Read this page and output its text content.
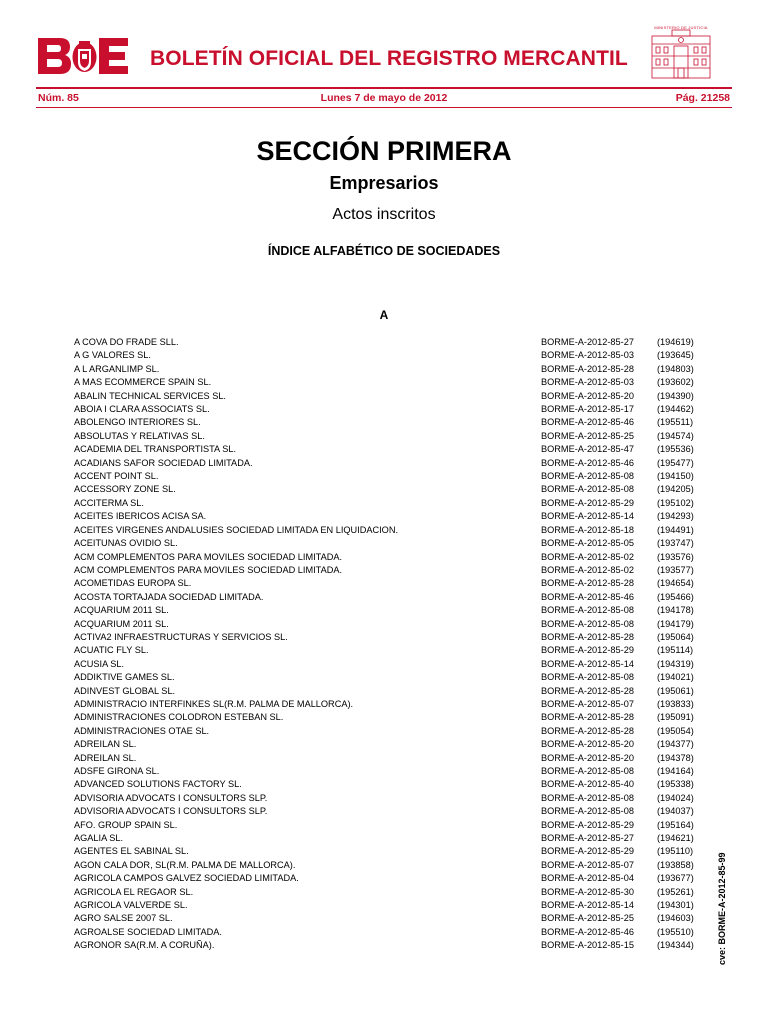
BOLETÍN OFICIAL DEL REGISTRO MERCANTIL
MINISTERIO DE JUSTICIA
Núm. 85	Lunes 7 de mayo de 2012	Pág. 21258
SECCIÓN PRIMERA
Empresarios
Actos inscritos
ÍNDICE ALFABÉTICO DE SOCIEDADES
A
A COVA DO FRADE SLL.	BORME-A-2012-85-27	(194619)
A G VALORES SL.	BORME-A-2012-85-03	(193645)
A L ARGANLIMP SL.	BORME-A-2012-85-28	(194803)
A MAS ECOMMERCE SPAIN SL.	BORME-A-2012-85-03	(193602)
ABALIN TECHNICAL SERVICES SL.	BORME-A-2012-85-20	(194390)
ABOIA I CLARA ASSOCIATS SL.	BORME-A-2012-85-17	(194462)
ABOLENGO INTERIORES SL.	BORME-A-2012-85-46	(195511)
ABSOLUTAS Y RELATIVAS SL.	BORME-A-2012-85-25	(194574)
ACADEMIA DEL TRANSPORTISTA SL.	BORME-A-2012-85-47	(195536)
ACADIANS SAFOR SOCIEDAD LIMITADA.	BORME-A-2012-85-46	(195477)
ACCENT POINT SL.	BORME-A-2012-85-08	(194150)
ACCESSORY ZONE SL.	BORME-A-2012-85-08	(194205)
ACCITERMA SL.	BORME-A-2012-85-29	(195102)
ACEITES IBERICOS ACISA SA.	BORME-A-2012-85-14	(194293)
ACEITES VIRGENES ANDALUSIES SOCIEDAD LIMITADA EN LIQUIDACION.	BORME-A-2012-85-18	(194491)
ACEITUNAS OVIDIO SL.	BORME-A-2012-85-05	(193747)
ACM COMPLEMENTOS PARA MOVILES SOCIEDAD LIMITADA.	BORME-A-2012-85-02	(193576)
ACM COMPLEMENTOS PARA MOVILES SOCIEDAD LIMITADA.	BORME-A-2012-85-02	(193577)
ACOMETIDAS EUROPA SL.	BORME-A-2012-85-28	(194654)
ACOSTA TORTAJADA SOCIEDAD LIMITADA.	BORME-A-2012-85-46	(195466)
ACQUARIUM 2011 SL.	BORME-A-2012-85-08	(194178)
ACQUARIUM 2011 SL.	BORME-A-2012-85-08	(194179)
ACTIVA2 INFRAESTRUCTURAS Y SERVICIOS SL.	BORME-A-2012-85-28	(195064)
ACUATIC FLY SL.	BORME-A-2012-85-29	(195114)
ACUSIA SL.	BORME-A-2012-85-14	(194319)
ADDIKTIVE GAMES SL.	BORME-A-2012-85-08	(194021)
ADINVEST GLOBAL SL.	BORME-A-2012-85-28	(195061)
ADMINISTRACIO INTERFINKES SL(R.M. PALMA DE MALLORCA).	BORME-A-2012-85-07	(193833)
ADMINISTRACIONES COLODRON ESTEBAN SL.	BORME-A-2012-85-28	(195091)
ADMINISTRACIONES OTAE SL.	BORME-A-2012-85-28	(195054)
ADREILAN SL.	BORME-A-2012-85-20	(194377)
ADREILAN SL.	BORME-A-2012-85-20	(194378)
ADSFE GIRONA SL.	BORME-A-2012-85-08	(194164)
ADVANCED SOLUTIONS FACTORY SL.	BORME-A-2012-85-40	(195338)
ADVISORIA ADVOCATS I CONSULTORS SLP.	BORME-A-2012-85-08	(194024)
ADVISORIA ADVOCATS I CONSULTORS SLP.	BORME-A-2012-85-08	(194037)
AFO. GROUP SPAIN SL.	BORME-A-2012-85-29	(195164)
AGALIA SL.	BORME-A-2012-85-27	(194621)
AGENTES EL SABINAL SL.	BORME-A-2012-85-29	(195110)
AGON CALA DOR, SL(R.M. PALMA DE MALLORCA).	BORME-A-2012-85-07	(193858)
AGRICOLA CAMPOS GALVEZ SOCIEDAD LIMITADA.	BORME-A-2012-85-04	(193677)
AGRICOLA EL REGAOR SL.	BORME-A-2012-85-30	(195261)
AGRICOLA VALVERDE SL.	BORME-A-2012-85-14	(194301)
AGRO SALSE 2007 SL.	BORME-A-2012-85-25	(194603)
AGROALSE SOCIEDAD LIMITADA.	BORME-A-2012-85-46	(195510)
AGRONOR SA(R.M. A CORUÑA).	BORME-A-2012-85-15	(194344)	cve: BORME-A-2012-85-99
